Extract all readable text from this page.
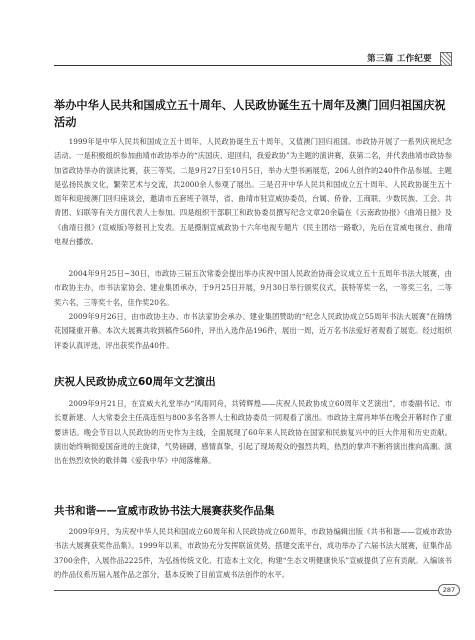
第三篇 工作纪要
举办中华人民共和国成立五十周年、人民政协诞生五十周年及澳门回归祖国庆祝活动

1999年是中华人民共和国成立五十周年、人民政协诞生五十周年，又值澳门回归祖国。市政协开展了一系列庆祝纪念活动。一是积极组织参加曲靖市政协举办的“庆国庆、迎回归，我爱政协”为主题的演讲赛，获第二名，并代表曲靖市政协参加省政协举办的演讲比赛，获三等奖。二是9月27日至10月5日，举办大型书画展览，206人创作的240件作品参展。主题是弘扬民族文化，繁荣艺术与交流，共2000余人参观了展出。三是召开中华人民共和国成立五十周年、人民政协诞生五十周年和迎接澳门回归座谈会，邀请市五套班子领导，省、曲靖市驻宣威协委员，台属、侨眷、工商联、少数民族、工会、共青团、妇联等有关方面代表人士参加。四是组织干部职工和政协委员撰写纪念文章20余篇在《云南政协报》《曲靖日报》及《曲靖日报》(宣威版)等报刊上发表。五是摄制宣威政协十六年电视专题片《民主团结一路歌》，先后在宣威电视台、曲靖电视台播放。

2004年9月25日~30日，市政协三届五次常委会提出举办庆祝中国人民政治协商会议成立五十五周年书法大展赛，由市政协主办，市书法家协会、建业集团承办，于9月25日开展，9月30日举行颁奖仪式，获特等奖一名，一等奖三名，二等奖六名，三等奖十名，佳作奖20名。

2009年9月26日，由市政协主办、市书法家协会承办、建业集团赞助的“纪念人民政协成立55周年书法大展赛”在锦绣花园隆重开幕。本次大展赛共收到稿件560件，评出入选作品196件，展出一周，近万名书法爱好者观看了展览。经过组织评委认真评选，评出获奖作品40件。

庆祝人民政协成立60周年文艺演出

2009年9月21日，在宣威大礼堂举办“风雨同舟，共铸辉煌——庆祝人民政协成立60周年文艺演出”，市委副书记、市长夏新建、人大常委会主任高连恒与800多名各界人士和政协委员一同观看了演出。市政协主席肖坤华在晚会开幕时作了重要讲话。晚会节目以人民政协的历史作为主线，全面展现了60年来人民政协在国家和民族复兴中的巨大作用和历史贡献。演出始终响彻爱国奋进的主旋律，气势磅礴，感情真挚，引起了现场观众的强烈共鸣，热烈的掌声不断将演出推向高潮。演出在热烈欢快的歌伴舞《爱我中华》中闻落帷幕。

共书和谐——宣威市政协书法大展赛获奖作品集

2009年9月，为庆祝中华人民共和国成立60周年和人民政协成立60周年，市政协编辑出版《共书和谐——宣威市政协书法大展赛获奖作品集》。1999年以来，市政协充分发挥联谊优势，搭建交流平台，成功举办了六届书法大展赛，征集作品3700余件，入展作品2225件，为弘扬传统文化、打造本土文化，构建“生态文明健康快乐”宣威提供了应有贡献。入编该书的作品仪系历届入展作品之部分，基本反映了目前宣威书法创作的水平。

287
